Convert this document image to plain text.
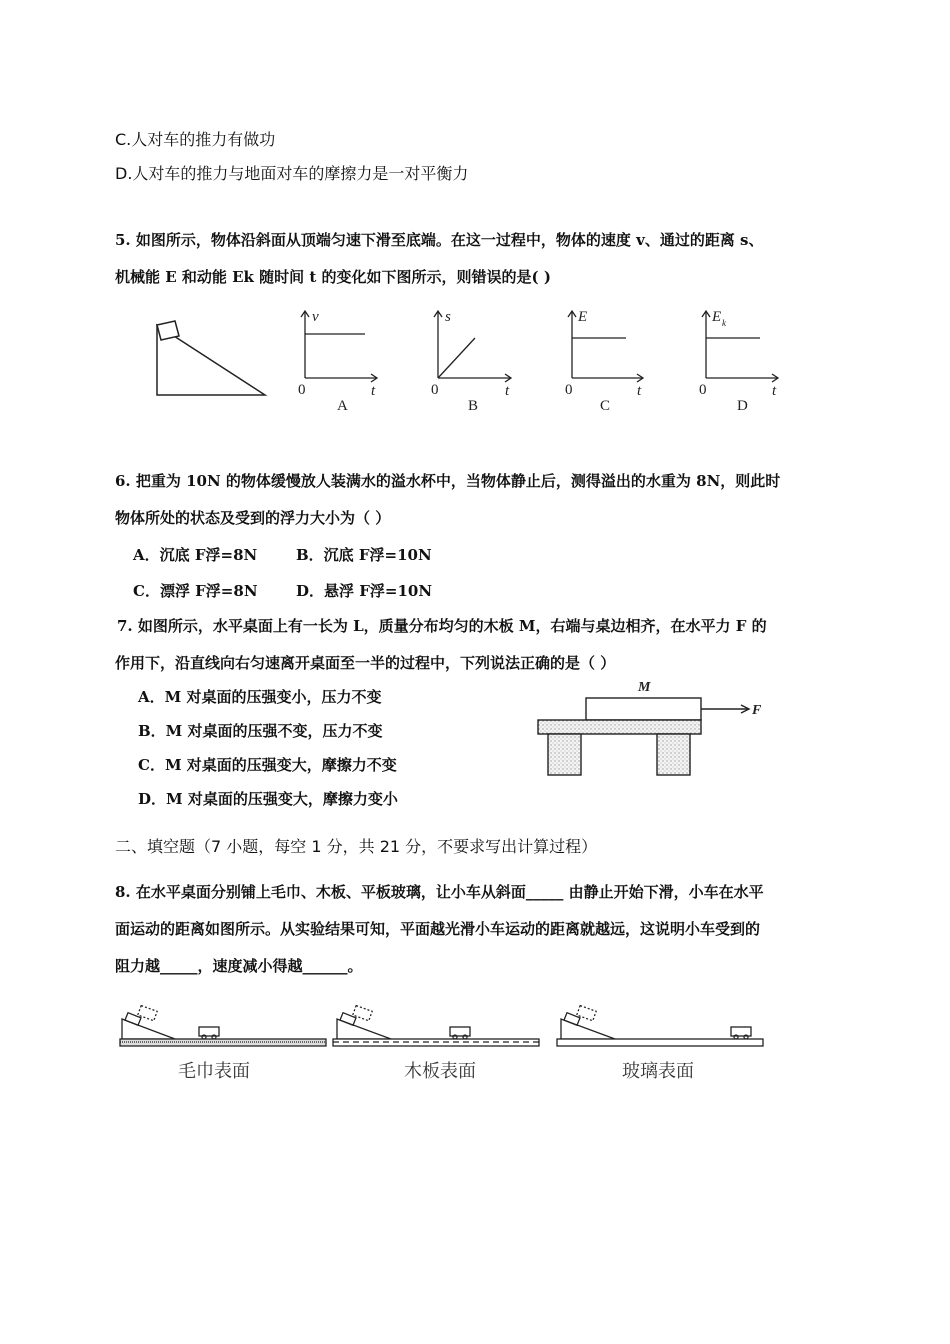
C.人对车的推力有做功
D.人对车的推力与地面对车的摩擦力是一对平衡力
5. 如图所示，物体沿斜面从顶端匀速下滑至底端。在这一过程中，物体的速度 v、通过的距离 s、
机械能 E 和动能 Ek 随时间 t 的变化如下图所示，则错误的是( )
v
t
s
t
E
t
E k
t
0	0	0	0
A	B	C	D
6. 把重为 10N 的物体缓慢放人装满水的溢水杯中，当物体静止后，测得溢出的水重为 8N，则此时
物体所处的状态及受到的浮力大小为（ ）
A．沉底 F浮=8N	B．沉底 F浮=10N
C．漂浮 F浮=8N	D．悬浮 F浮=10N
7. 如图所示，水平桌面上有一长为 L，质量分布均匀的木板 M，右端与桌边相齐，在水平力 F 的
作用下，沿直线向右匀速离开桌面至一半的过程中，下列说法正确的是（ ）
A．M 对桌面的压强变小，压力不变
B．M 对桌面的压强不变，压力不变
C．M 对桌面的压强变大，摩擦力不变
D．M 对桌面的压强变大，摩擦力变小
M
F
二、填空题（7 小题，每空 1 分，共 21 分，不要求写出计算过程）
8. 在水平桌面分别铺上毛巾、木板、平板玻璃，让小车从斜面_____ 由静止开始下滑，小车在水平
面运动的距离如图所示。从实验结果可知，平面越光滑小车运动的距离就越远，这说明小车受到的
阻力越_____，速度减小得越______。
毛巾表面	木板表面	玻璃表面
